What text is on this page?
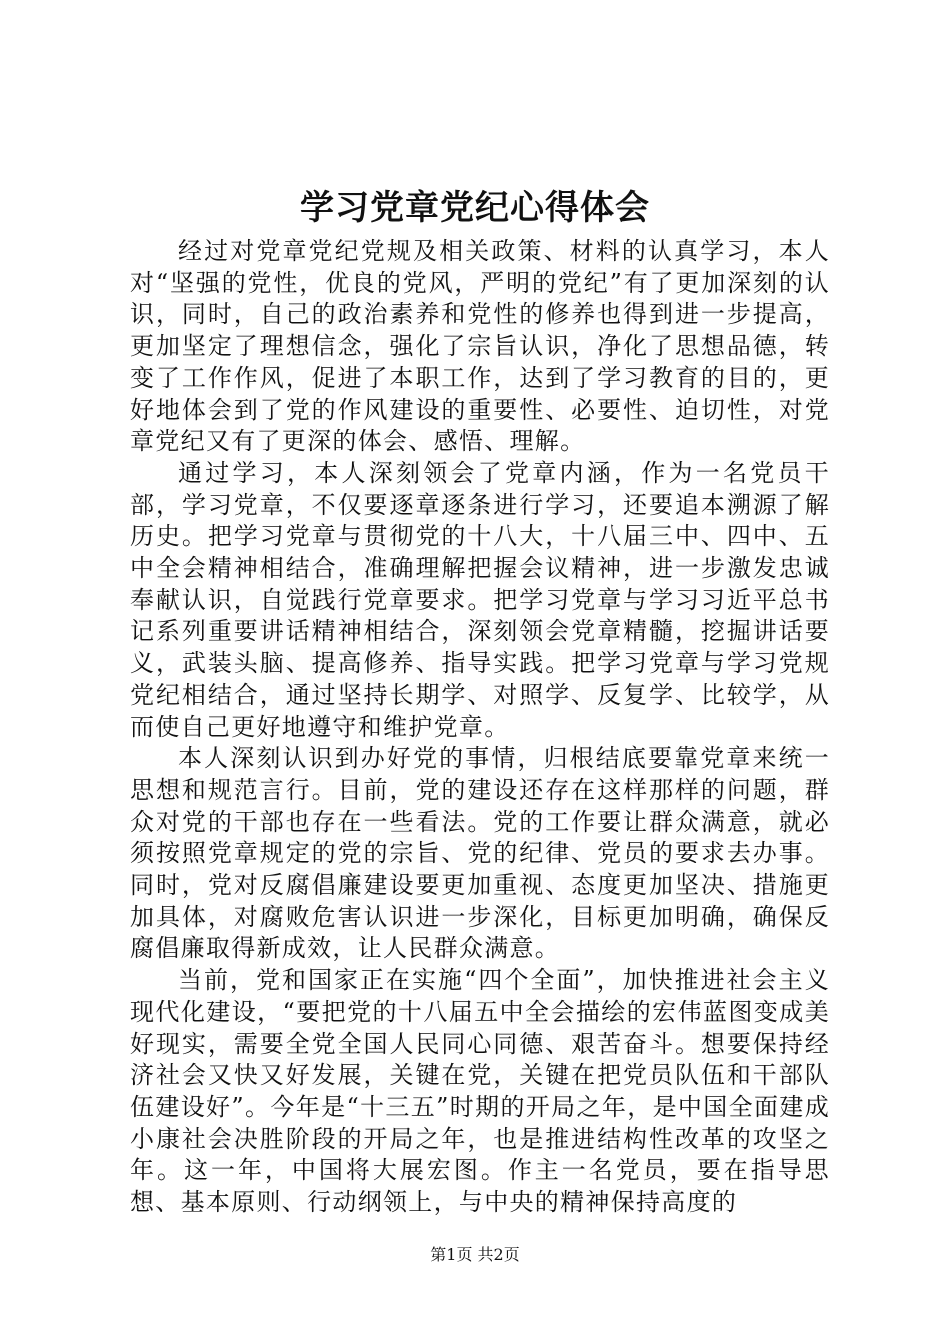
学习党章党纪心得体会

经过对党章党纪党规及相关政策、材料的认真学习，本人对“坚强的党性，优良的党风，严明的党纪”有了更加深刻的认识，同时，自己的政治素养和党性的修养也得到进一步提高，更加坚定了理想信念，强化了宗旨认识，净化了思想品德，转变了工作作风，促进了本职工作，达到了学习教育的目的，更好地体会到了党的作风建设的重要性、必要性、迫切性，对党章党纪又有了更深的体会、感悟、理解。

通过学习，本人深刻领会了党章内涵，作为一名党员干部，学习党章，不仅要逐章逐条进行学习，还要追本溯源了解历史。把学习党章与贯彻党的十八大，十八届三中、四中、五中全会精神相结合，准确理解把握会议精神，进一步激发忠诚奉献认识，自觉践行党章要求。把学习党章与学习习近平总书记系列重要讲话精神相结合，深刻领会党章精髓，挖掘讲话要义，武装头脑、提高修养、指导实践。把学习党章与学习党规党纪相结合，通过坚持长期学、对照学、反复学、比较学，从而使自己更好地遵守和维护党章。

本人深刻认识到办好党的事情，归根结底要靠党章来统一思想和规范言行。目前，党的建设还存在这样那样的问题，群众对党的干部也存在一些看法。党的工作要让群众满意，就必须按照党章规定的党的宗旨、党的纪律、党员的要求去办事。同时，党对反腐倡廉建设要更加重视、态度更加坚决、措施更加具体，对腐败危害认识进一步深化，目标更加明确，确保反腐倡廉取得新成效，让人民群众满意。

当前，党和国家正在实施“四个全面”，加快推进社会主义现代化建设，“要把党的十八届五中全会描绘的宏伟蓝图变成美好现实，需要全党全国人民同心同德、艰苦奋斗。想要保持经济社会又快又好发展，关键在党，关键在把党员队伍和干部队伍建设好”。今年是“十三五”时期的开局之年，是中国全面建成小康社会决胜阶段的开局之年，也是推进结构性改革的攻坚之年。这一年，中国将大展宏图。作主一名党员，要在指导思想、基本原则、行动纲领上，与中央的精神保持高度的

第1页 共2页
